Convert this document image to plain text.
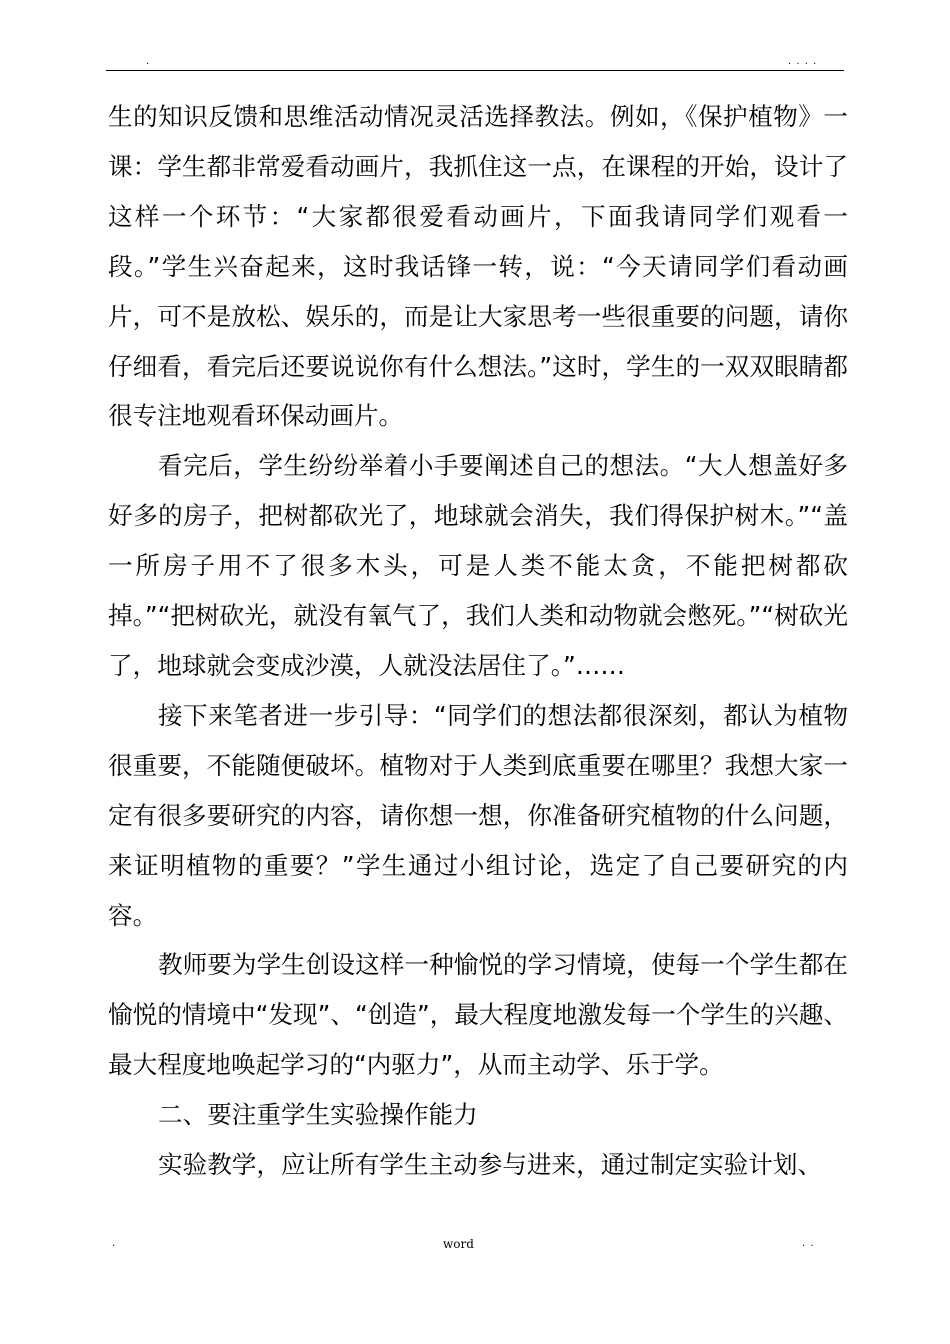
.	. . . .

生的知识反馈和思维活动情况灵活选择教法。例如，《保护植物》一课：学生都非常爱看动画片，我抓住这一点，在课程的开始，设计了这样一个环节：“大家都很爱看动画片，下面我请同学们观看一段。”学生兴奋起来，这时我话锋一转，说：“今天请同学们看动画片，可不是放松、娱乐的，而是让大家思考一些很重要的问题，请你仔细看，看完后还要说说你有什么想法。”这时，学生的一双双眼睛都很专注地观看环保动画片。

看完后，学生纷纷举着小手要阐述自己的想法。“大人想盖好多好多的房子，把树都砍光了，地球就会消失，我们得保护树木。”“盖一所房子用不了很多木头，可是人类不能太贪，不能把树都砍掉。”“把树砍光，就没有氧气了，我们人类和动物就会憋死。”“树砍光了，地球就会变成沙漠，人就没法居住了。”……

接下来笔者进一步引导：“同学们的想法都很深刻，都认为植物很重要，不能随便破坏。植物对于人类到底重要在哪里？我想大家一定有很多要研究的内容，请你想一想，你准备研究植物的什么问题，来证明植物的重要？”学生通过小组讨论，选定了自己要研究的内容。

教师要为学生创设这样一种愉悦的学习情境，使每一个学生都在愉悦的情境中“发现”、“创造”，最大程度地激发每一个学生的兴趣、最大程度地唤起学习的“内驱力”，从而主动学、乐于学。

二、要注重学生实验操作能力

实验教学，应让所有学生主动参与进来，通过制定实验计划、

.	word	. .
